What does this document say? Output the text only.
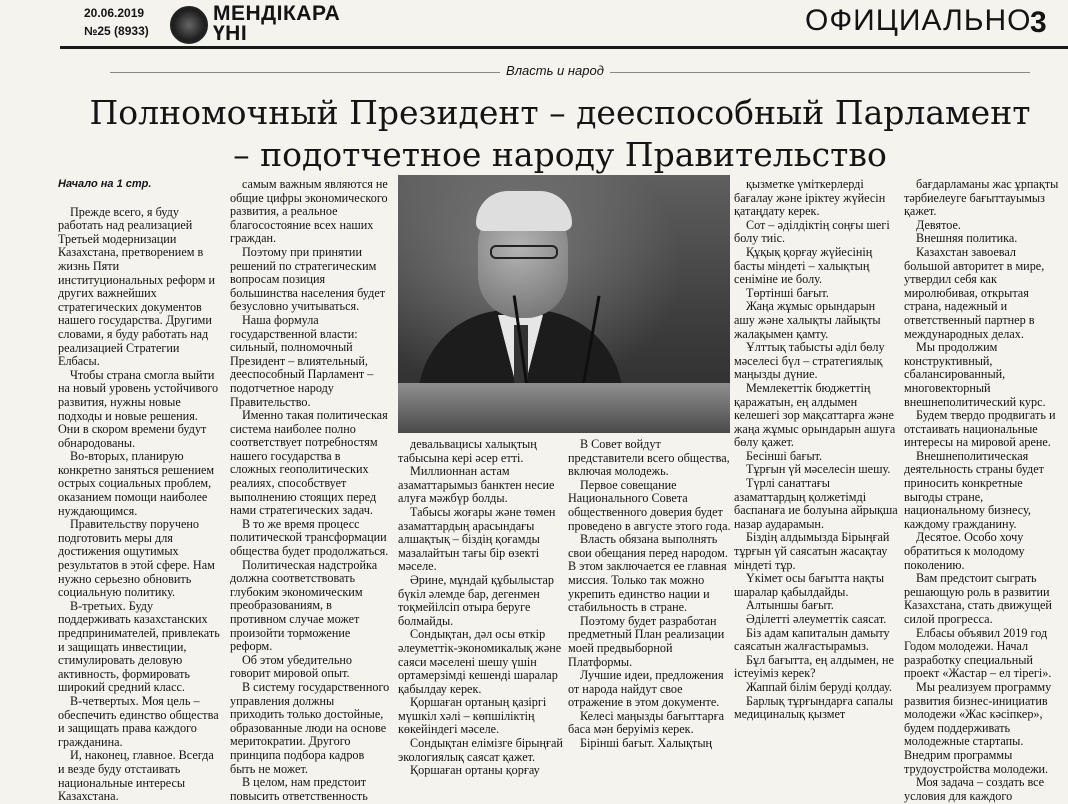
20.06.2019
№25 (8933)
МЕНДІКАРА
ҮНІ	ОФИЦИАЛЬНО
3
Власть и народ
Полномочный Президент – дееспособный Парламент
– подотчетное народу Правительство

Начало на 1 стр.

Прежде всего, я буду работать над реализацией Третьей модернизации Казахстана, претворением в жизнь Пяти институциональных реформ и других важнейших стратегических документов нашего государства. Другими словами, я буду работать над реализацией Стратегии Елбасы.

Чтобы страна смогла выйти на новый уровень устойчивого развития, нужны новые подходы и новые решения. Они в скором времени будут обнародованы.

Во-вторых, планирую конкретно заняться решением острых социальных проблем, оказанием помощи наиболее нуждающимся.

Правительству поручено подготовить меры для достижения ощутимых результатов в этой сфере. Нам нужно серьезно обновить социальную политику.

В-третьих. Буду поддерживать казахстанских предпринимателей, привлекать и защищать инвестиции, стимулировать деловую активность, формировать широкий средний класс.

В-четвертых. Моя цель – обеспечить единство общества и защищать права каждого гражданина.

И, наконец, главное. Всегда и везде буду отстаивать национальные интересы Казахстана.

самым важным являются не общие цифры экономического развития, а реальное благосостояние всех наших граждан.

Поэтому при принятии решений по стратегическим вопросам позиция большинства населения будет безусловно учитываться.

Наша формула государственной власти: сильный, полномочный Президент – влиятельный, дееспособный Парламент – подотчетное народу Правительство.

Именно такая политическая система наиболее полно соответствует потребностям нашего государства в сложных геополитических реалиях, способствует выполнению стоящих перед нами стратегических задач.

В то же время процесс политической трансформации общества будет продолжаться.

Политическая надстройка должна соответствовать глубоким экономическим преобразованиям, в противном случае может произойти торможение реформ.

Об этом убедительно говорит мировой опыт.

В систему государственного управления должны приходить только достойные, образованные люди на основе меритократии. Другого принципа подбора кадров быть не может.

В целом, нам предстоит повысить ответственность

девальвацисы халықтың табысына кері әсер етті.

Миллионнан астам азаматтарымыз банктен несие алуға мәжбүр болды.

Табысы жоғары және төмен азаматтардың арасындағы алшақтық – біздің қоғамды мазалайтын тағы бір өзекті мәселе.

Әрине, мұндай құбылыстар бүкіл әлемде бар, дегенмен тоқмейілсіп отыра беруге болмайды.

Сондықтан, дәл осы өткір әлеуметтік-экономикалық және саяси мәселені шешу үшін ортамерзімді кешенді шаралар қабылдау керек.

Қоршаған ортаның қазіргі мүшкіл хәлі – көпшіліктің көкейіндегі мәселе.

Сондықтан елімізге бірыңғай экологиялық саясат қажет.

Қоршаған ортаны қорғау

В Совет войдут представители всего общества, включая молодежь.

Первое совещание Национального Совета общественного доверия будет проведено в августе этого года.

Власть обязана выполнять свои обещания перед народом. В этом заключается ее главная миссия. Только так можно укрепить единство нации и стабильность в стране.

Поэтому будет разработан предметный План реализации моей предвыборной Платформы.

Лучшие идеи, предложения от народа найдут свое отражение в этом документе.

Келесі маңызды бағыттарға баса мән беруіміз керек.

Бірінші бағыт. Халықтың

қызметке үміткерлерді бағалау және іріктеу жүйесін қатаңдату керек.

Сот – әділдіктің соңғы шегі болу тиіс.

Құқық қорғау жүйесінің басты міндеті – халықтың сеніміне ие болу.

Төртінші бағыт.

Жаңа жұмыс орындарын ашу және халықты лайықты жалақымен қамту.

Ұлттық табысты әділ бөлу мәселесі бүл – стратегиялық маңызды дүние.

Мемлекеттік бюджеттің қаражатын, ең алдымен келешегі зор мақсаттарға және жаңа жұмыс орындарын ашуға бөлу қажет.

Бесінші бағыт.

Тұрғын үй мәселесін шешу.

Түрлі санаттағы азаматтардың қолжетімді баспанаға ие болуына айрықша назар аударамын.

Біздің алдымызда Бірыңғай тұрғын үй саясатын жасақтау міндеті тұр.

Үкімет осы бағытта нақты шаралар қабылдайды.

Алтыншы бағыт.

Әділетті әлеуметтік саясат.

Біз адам капиталын дамыту саясатын жалғастырамыз.

Бұл бағытта, ең алдымен, не істеуіміз керек?

Жаппай білім беруді қолдау.

Барлық тұрғындарға сапалы медициналық қызмет

бағдарламаны жас ұрпақты тәрбиелеуге бағыттауымыз қажет.

Девятое.

Внешняя политика.

Казахстан завоевал большой авторитет в мире, утвердил себя как миролюбивая, открытая страна, надежный и ответственный партнер в международных делах.

Мы продолжим конструктивный, сбалансированный, многовекторный внешнеполитический курс.

Будем твердо продвигать и отстаивать национальные интересы на мировой арене.

Внешнеполитическая деятельность страны будет приносить конкретные выгоды стране, национальному бизнесу, каждому гражданину.

Десятое. Особо хочу обратиться к молодому поколению.

Вам предстоит сыграть решающую роль в развитии Казахстана, стать движущей силой прогресса.

Елбасы объявил 2019 год Годом молодежи. Начал разработку специальный проект «Жастар – ел тірегі».

Мы реализуем программу развития бизнес-инициатив молодежи «Жас кәсіпкер», будем поддерживать молодежные стартапы. Внедрим программы трудоустройства молодежи.

Моя задача – создать все условия для каждого
